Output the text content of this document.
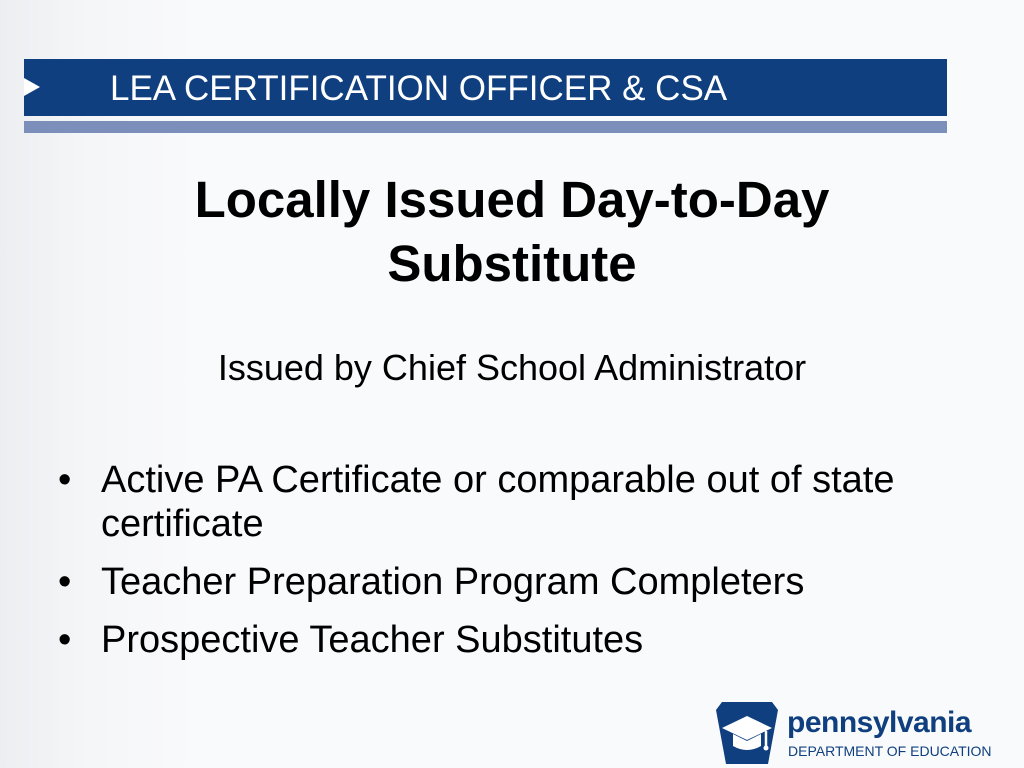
LEA CERTIFICATION OFFICER & CSA
Locally Issued Day-to-Day Substitute
Issued by Chief School Administrator
• Active PA Certificate or comparable out of state certificate
• Teacher Preparation Program Completers
• Prospective Teacher Substitutes
pennsylvania
DEPARTMENT OF EDUCATION
